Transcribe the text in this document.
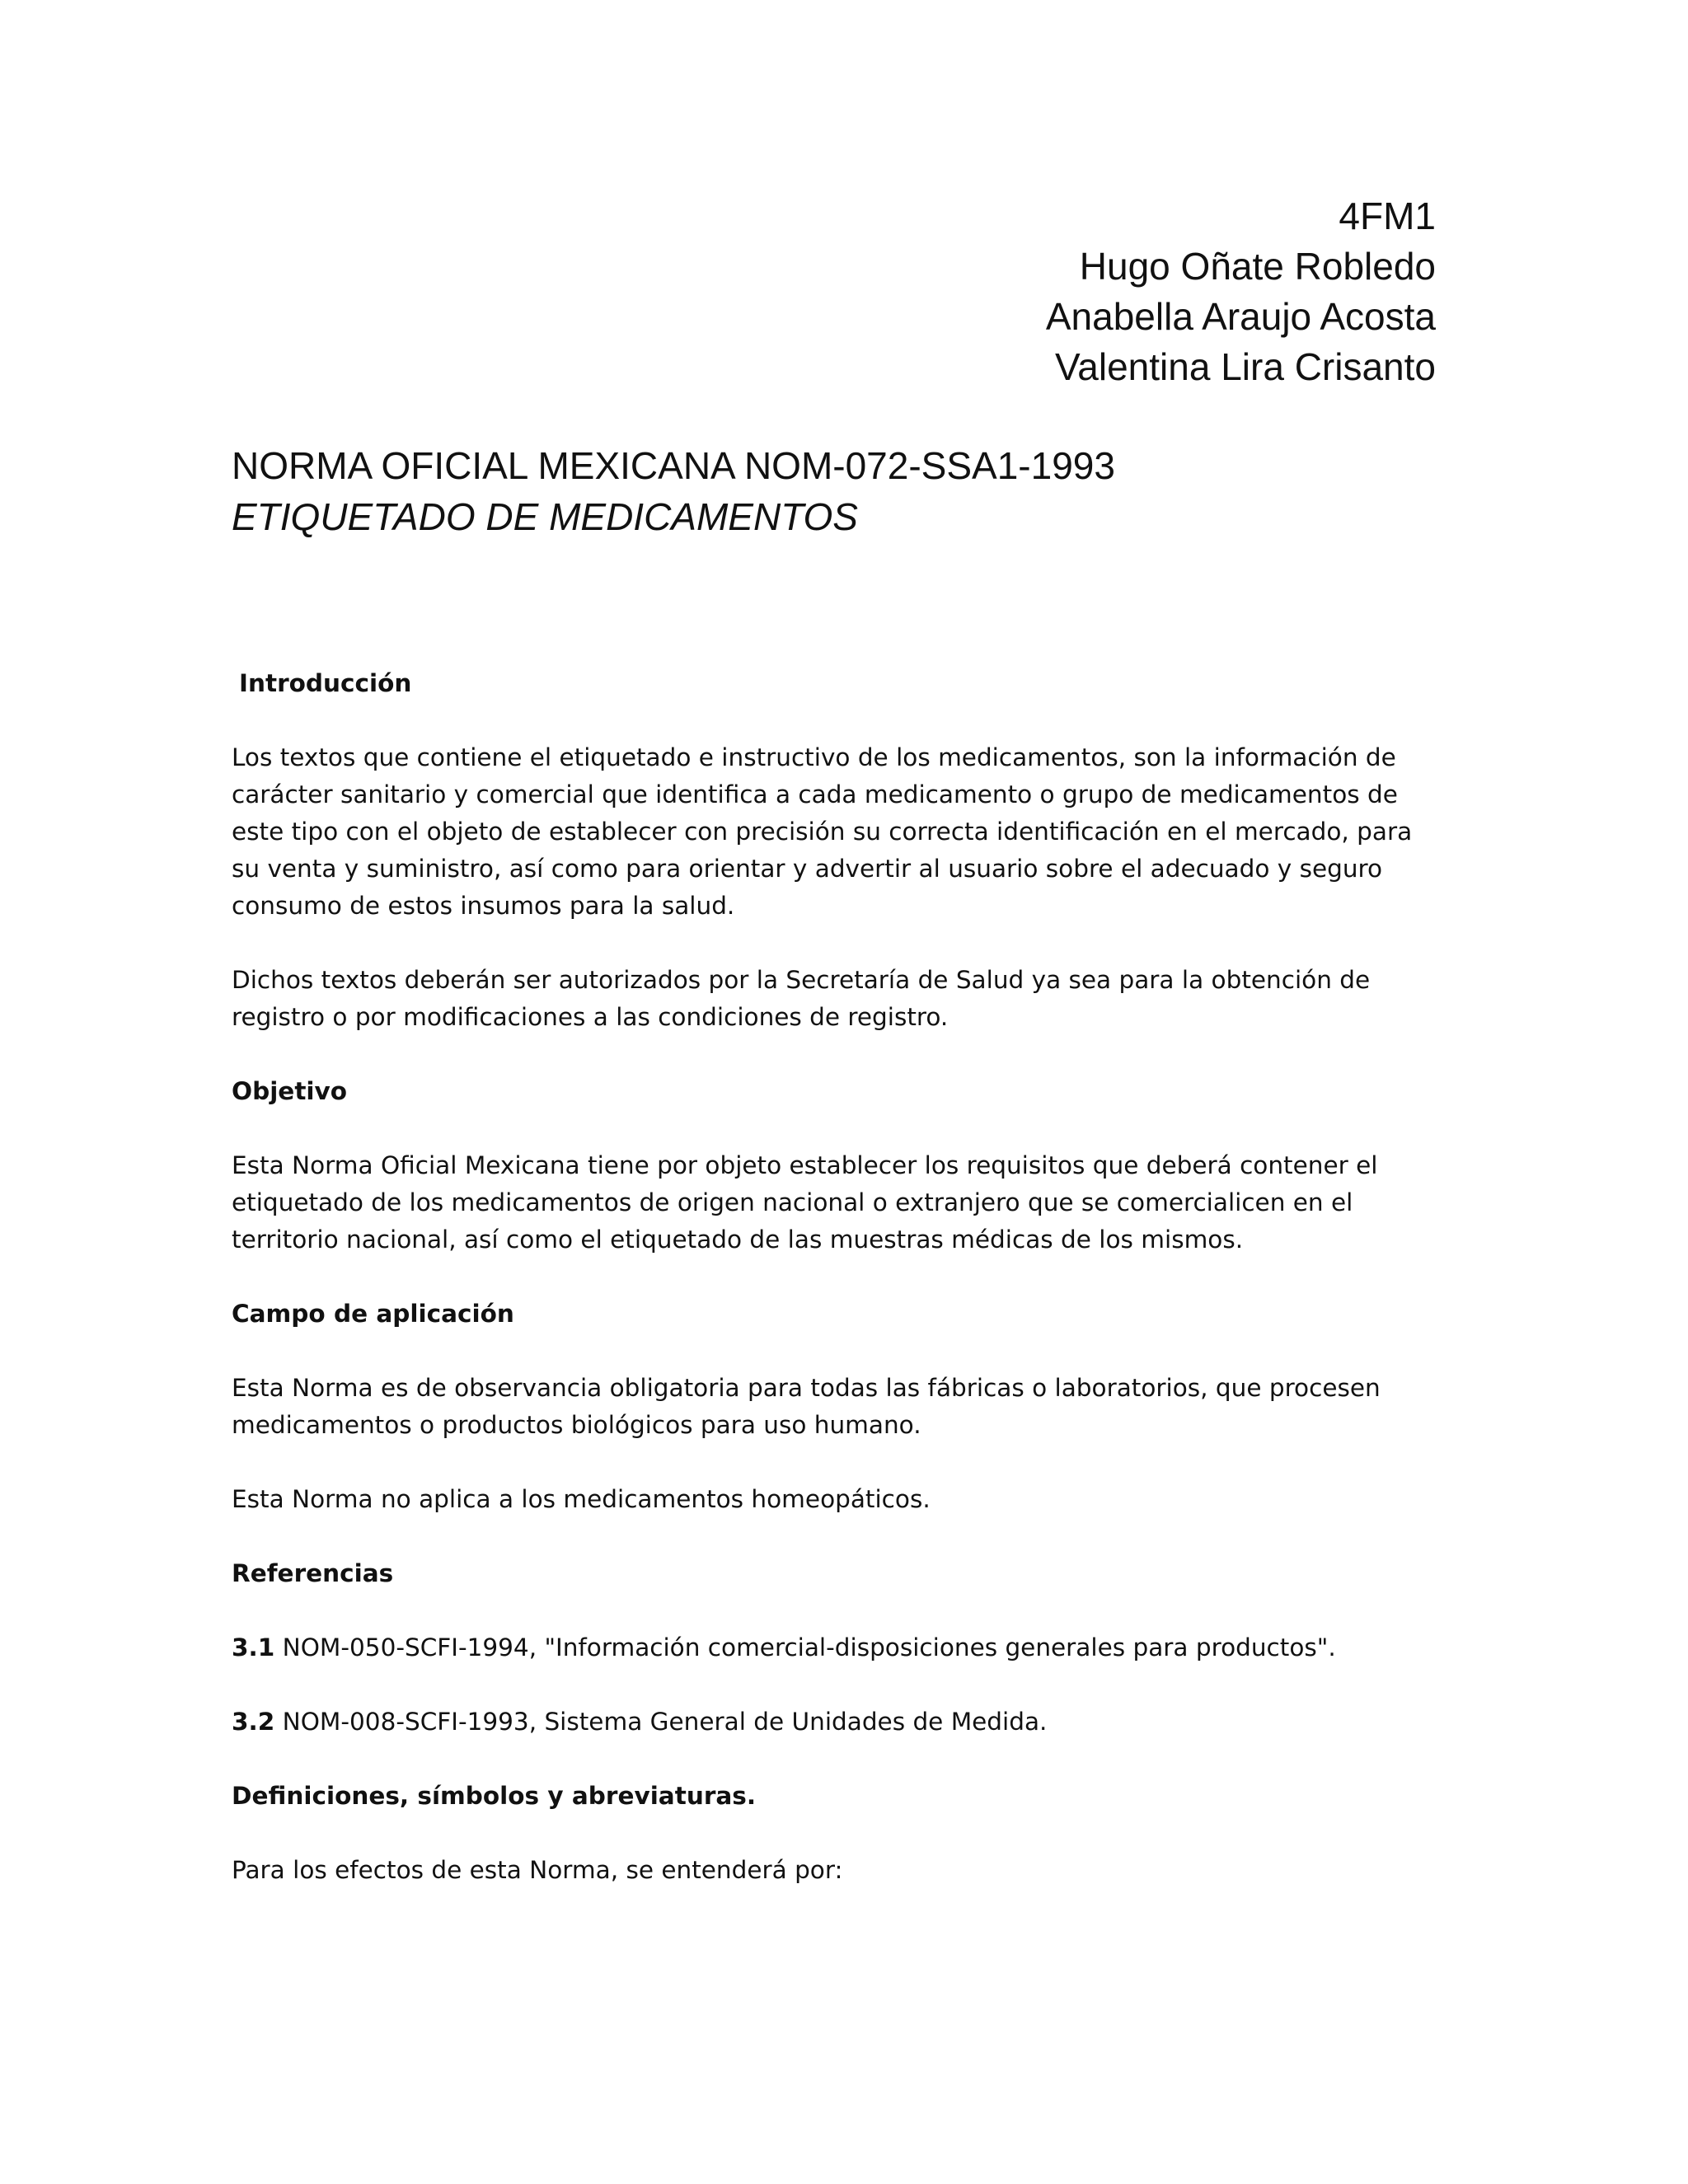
4FM1
Hugo Oñate Robledo
Anabella Araujo Acosta
Valentina Lira Crisanto
NORMA OFICIAL MEXICANA NOM-072-SSA1-1993
ETIQUETADO DE MEDICAMENTOS
Introducción

Los textos que contiene el etiquetado e instructivo de los medicamentos, son la información de carácter sanitario y comercial que identifica a cada medicamento o grupo de medicamentos de este tipo con el objeto de establecer con precisión su correcta identificación en el mercado, para su venta y suministro, así como para orientar y advertir al usuario sobre el adecuado y seguro consumo de estos insumos para la salud.

Dichos textos deberán ser autorizados por la Secretaría de Salud ya sea para la obtención de registro o por modificaciones a las condiciones de registro.

Objetivo

Esta Norma Oficial Mexicana tiene por objeto establecer los requisitos que deberá contener el etiquetado de los medicamentos de origen nacional o extranjero que se comercialicen en el territorio nacional, así como el etiquetado de las muestras médicas de los mismos.

Campo de aplicación

Esta Norma es de observancia obligatoria para todas las fábricas o laboratorios, que procesen medicamentos o productos biológicos para uso humano.

Esta Norma no aplica a los medicamentos homeopáticos.

Referencias

3.1 NOM-050-SCFI-1994, "Información comercial-disposiciones generales para productos".

3.2 NOM-008-SCFI-1993, Sistema General de Unidades de Medida.

Definiciones, símbolos y abreviaturas.

Para los efectos de esta Norma, se entenderá por:
